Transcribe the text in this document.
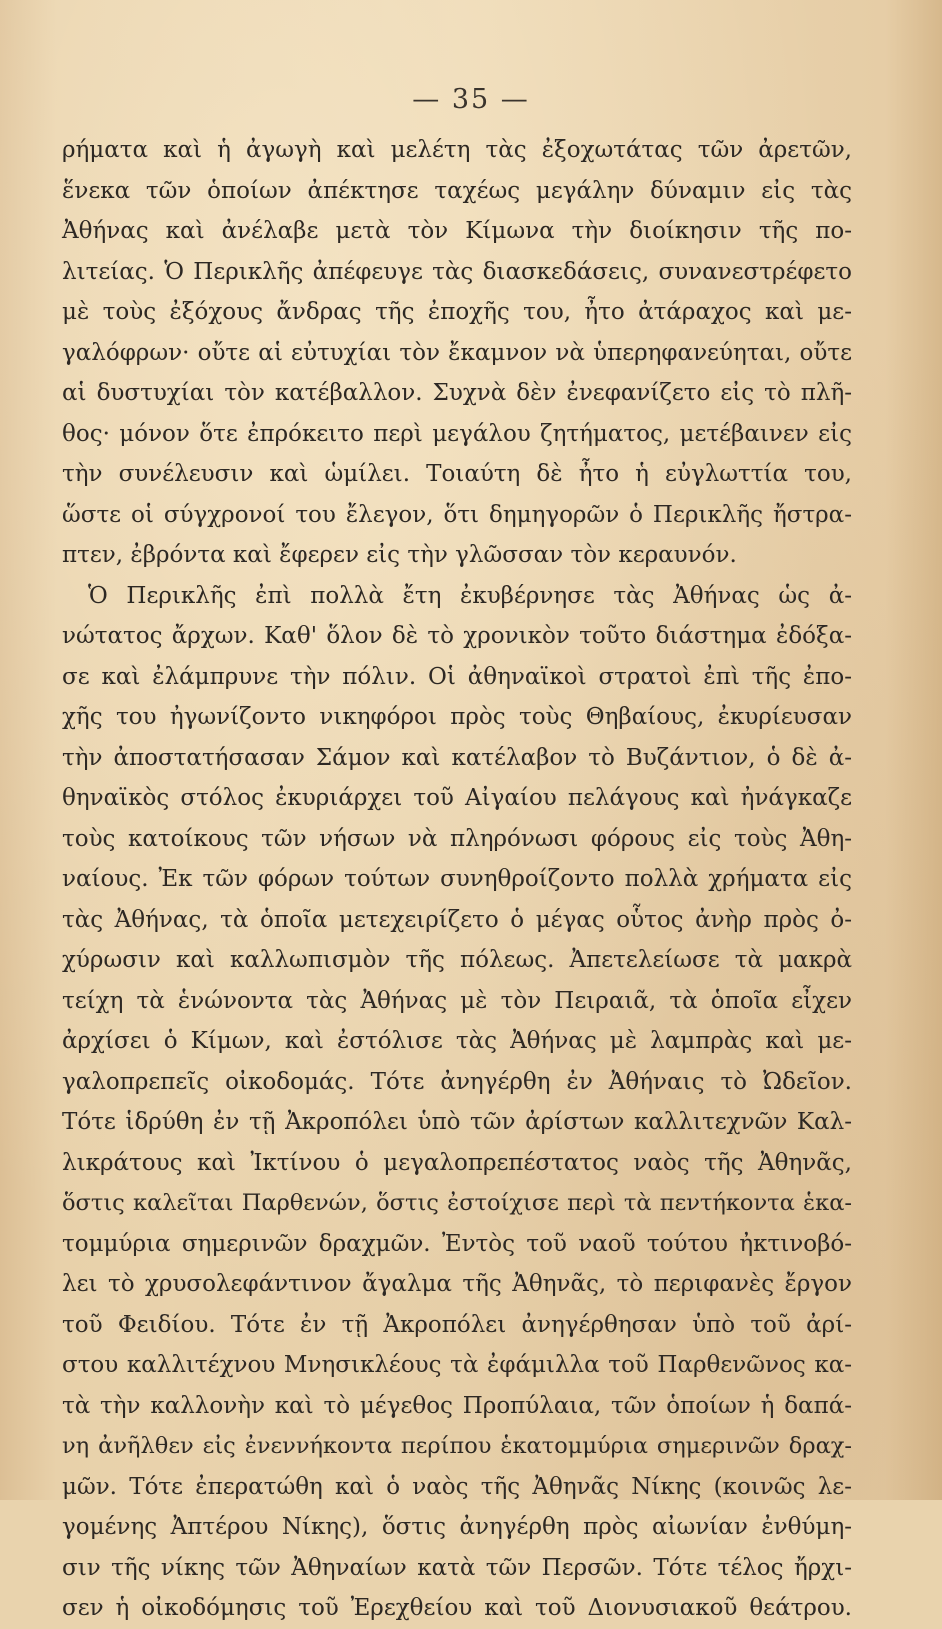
— 35 —
ρήματα καὶ ἡ ἀγωγὴ καὶ μελέτη τὰς ἐξοχωτάτας τῶν ἀρετῶν,
ἕνεκα τῶν ὁποίων ἀπέκτησε ταχέως μεγάλην δύναμιν εἰς τὰς
Ἀθήνας καὶ ἀνέλαβε μετὰ τὸν Κίμωνα τὴν διοίκησιν τῆς πο-
λιτείας. Ὁ Περικλῆς ἀπέφευγε τὰς διασκεδάσεις, συνανεστρέφετο
μὲ τοὺς ἐξόχους ἄνδρας τῆς ἐποχῆς του, ἦτο ἀτάραχος καὶ με-
γαλόφρων· οὔτε αἱ εὐτυχίαι τὸν ἔκαμνον νὰ ὑπερηφανεύηται, οὔτε
αἱ δυστυχίαι τὸν κατέβαλλον. Συχνὰ δὲν ἐνεφανίζετο εἰς τὸ πλῆ-
θος· μόνον ὅτε ἐπρόκειτο περὶ μεγάλου ζητήματος, μετέβαινεν εἰς
τὴν συνέλευσιν καὶ ὡμίλει. Τοιαύτη δὲ ἦτο ἡ εὐγλωττία του,
ὥστε οἱ σύγχρονοί του ἔλεγον, ὅτι δημηγορῶν ὁ Περικλῆς ἤστρα-
πτεν, ἐβρόντα καὶ ἔφερεν εἰς τὴν γλῶσσαν τὸν κεραυνόν.
Ὁ Περικλῆς ἐπὶ πολλὰ ἔτη ἐκυβέρνησε τὰς Ἀθήνας ὡς ἀ-
νώτατος ἄρχων. Καθ' ὅλον δὲ τὸ χρονικὸν τοῦτο διάστημα ἐδόξα-
σε καὶ ἐλάμπρυνε τὴν πόλιν. Οἱ ἀθηναϊκοὶ στρατοὶ ἐπὶ τῆς ἐπο-
χῆς του ἠγωνίζοντο νικηφόροι πρὸς τοὺς Θηβαίους, ἐκυρίευσαν
τὴν ἀποστατήσασαν Σάμον καὶ κατέλαβον τὸ Βυζάντιον, ὁ δὲ ἀ-
θηναϊκὸς στόλος ἐκυριάρχει τοῦ Αἰγαίου πελάγους καὶ ἠνάγκαζε
τοὺς κατοίκους τῶν νήσων νὰ πληρόνωσι φόρους εἰς τοὺς Ἀθη-
ναίους. Ἐκ τῶν φόρων τούτων συνηθροίζοντο πολλὰ χρήματα εἰς
τὰς Ἀθήνας, τὰ ὁποῖα μετεχειρίζετο ὁ μέγας οὗτος ἀνὴρ πρὸς ὀ-
χύρωσιν καὶ καλλωπισμὸν τῆς πόλεως. Ἀπετελείωσε τὰ μακρὰ
τείχη τὰ ἑνώνοντα τὰς Ἀθήνας μὲ τὸν Πειραιᾶ, τὰ ὁποῖα εἶχεν
ἀρχίσει ὁ Κίμων, καὶ ἐστόλισε τὰς Ἀθήνας μὲ λαμπρὰς καὶ με-
γαλοπρεπεῖς οἰκοδομάς. Τότε ἀνηγέρθη ἐν Ἀθήναις τὸ Ὠδεῖον.
Τότε ἱδρύθη ἐν τῇ Ἀκροπόλει ὑπὸ τῶν ἀρίστων καλλιτεχνῶν Καλ-
λικράτους καὶ Ἰκτίνου ὁ μεγαλοπρεπέστατος ναὸς τῆς Ἀθηνᾶς,
ὅστις καλεῖται Παρθενών, ὅστις ἐστοίχισε περὶ τὰ πεντήκοντα ἑκα-
τομμύρια σημερινῶν δραχμῶν. Ἐντὸς τοῦ ναοῦ τούτου ἠκτινοβό-
λει τὸ χρυσολεφάντινον ἄγαλμα τῆς Ἀθηνᾶς, τὸ περιφανὲς ἔργον
τοῦ Φειδίου. Τότε ἐν τῇ Ἀκροπόλει ἀνηγέρθησαν ὑπὸ τοῦ ἀρί-
στου καλλιτέχνου Μνησικλέους τὰ ἐφάμιλλα τοῦ Παρθενῶνος κα-
τὰ τὴν καλλονὴν καὶ τὸ μέγεθος Προπύλαια, τῶν ὁποίων ἡ δαπά-
νη ἀνῆλθεν εἰς ἐνεννήκοντα περίπου ἑκατομμύρια σημερινῶν δραχ-
μῶν. Τότε ἐπερατώθη καὶ ὁ ναὸς τῆς Ἀθηνᾶς Νίκης (κοινῶς λε-
γομένης Ἀπτέρου Νίκης), ὅστις ἀνηγέρθη πρὸς αἰωνίαν ἐνθύμη-
σιν τῆς νίκης τῶν Ἀθηναίων κατὰ τῶν Περσῶν. Τότε τέλος ἤρχι-
σεν ἡ οἰκοδόμησις τοῦ Ἐρεχθείου καὶ τοῦ Διονυσιακοῦ θεάτρου.
